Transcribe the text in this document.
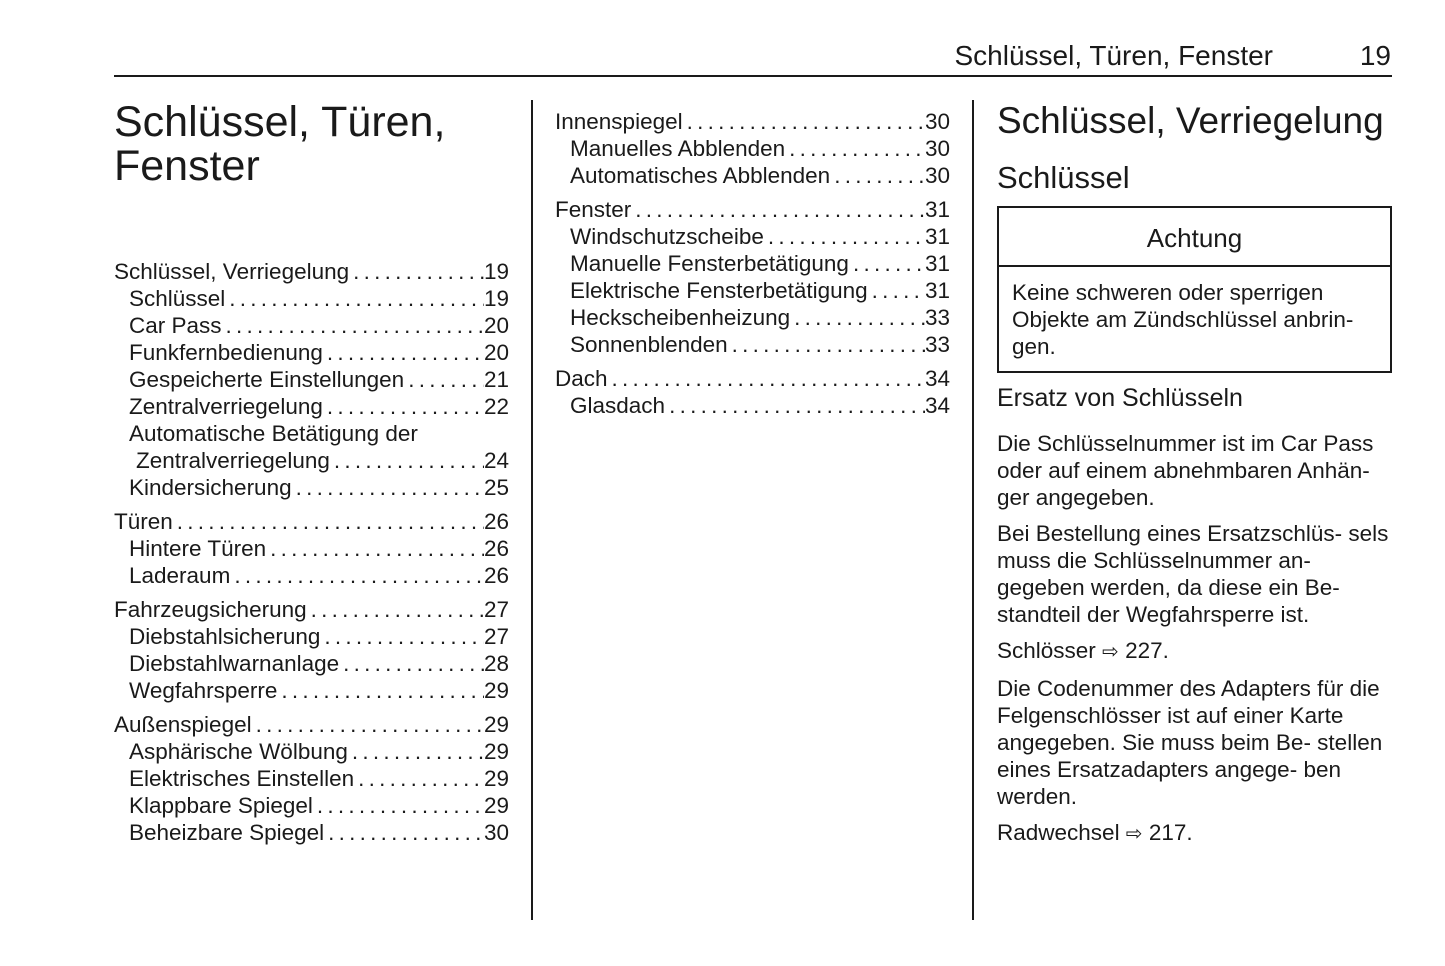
Schlüssel, Türen, Fenster	19
Schlüssel, Türen,
Fenster
Schlüssel, Verriegelung . . .	19
Schlüssel . . .	19
Car Pass . . .	20
Funkfernbedienung . . .	20
Gespeicherte Einstellungen . . .	21
Zentralverriegelung . . .	22
Automatische Betätigung der
Zentralverriegelung . . .	24
Kindersicherung . . .	25
Türen . . .	26
Hintere Türen . . .	26
Laderaum . . .	26
Fahrzeugsicherung . . .	27
Diebstahlsicherung . . .	27
Diebstahlwarnanlage . . .	28
Wegfahrsperre . . .	29
Außenspiegel . . .	29
Asphärische Wölbung . . .	29
Elektrisches Einstellen . . .	29
Klappbare Spiegel . . .	29
Beheizbare Spiegel . . .	30
Innenspiegel . . .	30
Manuelles Abblenden . . .	30
Automatisches Abblenden . . .	30
Fenster . . .	31
Windschutzscheibe . . .	31
Manuelle Fensterbetätigung . . .	31
Elektrische Fensterbetätigung . . .	31
Heckscheibenheizung . . .	33
Sonnenblenden . . .	33
Dach . . .	34
Glasdach . . .	34
Schlüssel, Verriegelung
Schlüssel
Achtung
Keine schweren oder sperrigen Objekte am Zündschlüssel anbrin- gen.
Ersatz von Schlüsseln

Die Schlüsselnummer ist im Car Pass oder auf einem abnehmbaren Anhän- ger angegeben.

Bei Bestellung eines Ersatzschlüs- sels muss die Schlüsselnummer an- gegeben werden, da diese ein Be- standteil der Wegfahrsperre ist.

Schlösser ⇨ 227.

Die Codenummer des Adapters für die Felgenschlösser ist auf einer Karte angegeben. Sie muss beim Be- stellen eines Ersatzadapters angege- ben werden.

Radwechsel ⇨ 217.
